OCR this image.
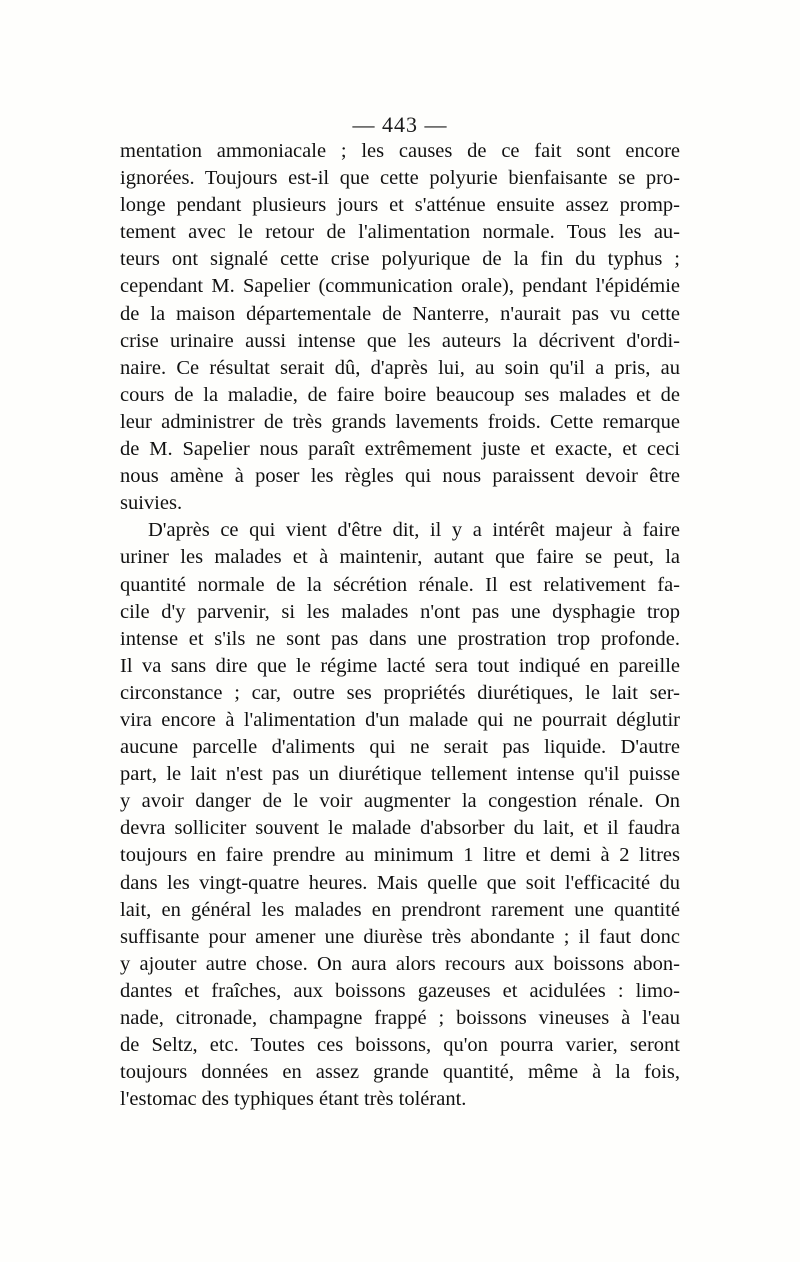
— 443 —
mentation ammoniacale ; les causes de ce fait sont encore
ignorées. Toujours est-il que cette polyurie bienfaisante se pro-
longe pendant plusieurs jours et s'atténue ensuite assez promp-
tement avec le retour de l'alimentation normale. Tous les au-
teurs ont signalé cette crise polyurique de la fin du typhus ;
cependant M. Sapelier (communication orale), pendant l'épidémie
de la maison départementale de Nanterre, n'aurait pas vu cette
crise urinaire aussi intense que les auteurs la décrivent d'ordi-
naire. Ce résultat serait dû, d'après lui, au soin qu'il a pris, au
cours de la maladie, de faire boire beaucoup ses malades et de
leur administrer de très grands lavements froids. Cette remarque
de M. Sapelier nous paraît extrêmement juste et exacte, et ceci
nous amène à poser les règles qui nous paraissent devoir être
suivies.
D'après ce qui vient d'être dit, il y a intérêt majeur à faire
uriner les malades et à maintenir, autant que faire se peut, la
quantité normale de la sécrétion rénale. Il est relativement fa-
cile d'y parvenir, si les malades n'ont pas une dysphagie trop
intense et s'ils ne sont pas dans une prostration trop profonde.
Il va sans dire que le régime lacté sera tout indiqué en pareille
circonstance ; car, outre ses propriétés diurétiques, le lait ser-
vira encore à l'alimentation d'un malade qui ne pourrait déglutir
aucune parcelle d'aliments qui ne serait pas liquide. D'autre
part, le lait n'est pas un diurétique tellement intense qu'il puisse
y avoir danger de le voir augmenter la congestion rénale. On
devra solliciter souvent le malade d'absorber du lait, et il faudra
toujours en faire prendre au minimum 1 litre et demi à 2 litres
dans les vingt-quatre heures. Mais quelle que soit l'efficacité du
lait, en général les malades en prendront rarement une quantité
suffisante pour amener une diurèse très abondante ; il faut donc
y ajouter autre chose. On aura alors recours aux boissons abon-
dantes et fraîches, aux boissons gazeuses et acidulées : limo-
nade, citronade, champagne frappé ; boissons vineuses à l'eau
de Seltz, etc. Toutes ces boissons, qu'on pourra varier, seront
toujours données en assez grande quantité, même à la fois,
l'estomac des typhiques étant très tolérant.
